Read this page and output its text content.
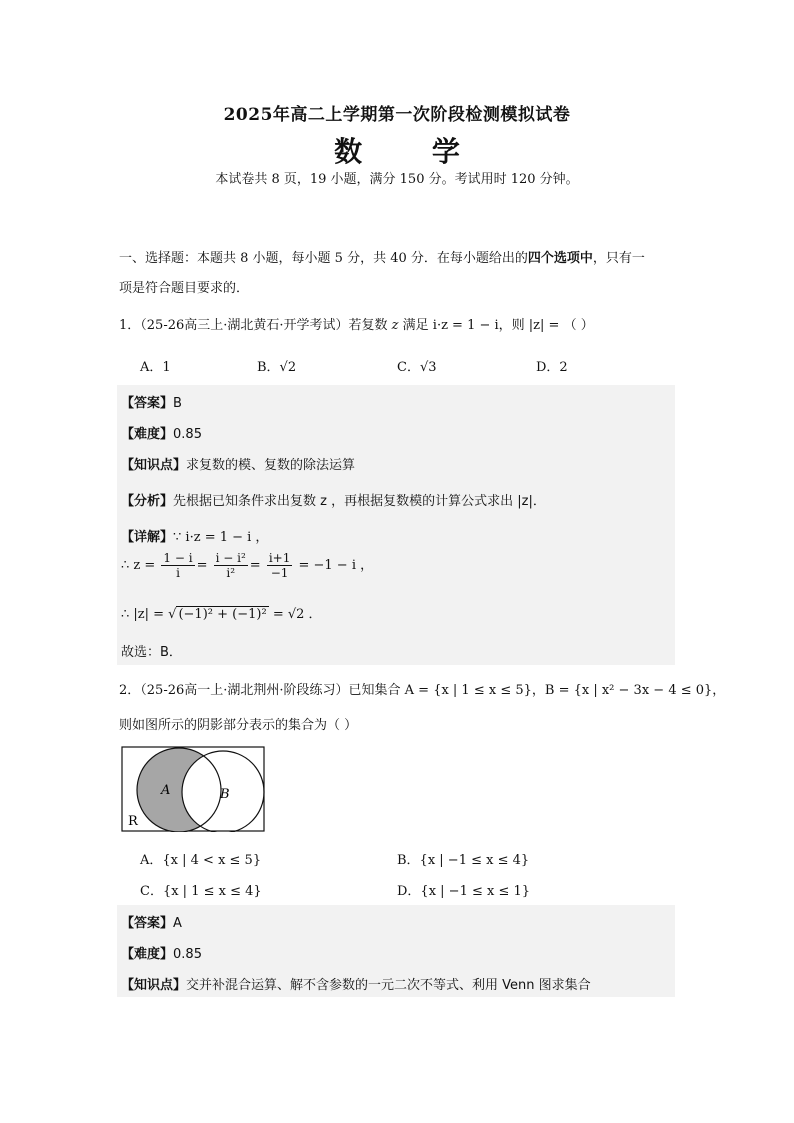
2025年高二上学期第一次阶段检测模拟试卷
数 学
本试卷共 8 页，19 小题，满分 150 分。考试用时 120 分钟。
一、选择题：本题共 8 小题，每小题 5 分，共 40 分．在每小题给出的四个选项中，只有一
项是符合题目要求的．
1．（25-26高三上·湖北黄石·开学考试）若复数 z 满足 i·z = 1 − i，则 |z| = （ ）
A．1	B．√2	C．√3	D．2
【答案】B
【难度】0.85
【知识点】求复数的模、复数的除法运算
【分析】先根据已知条件求出复数 z ，再根据复数模的计算公式求出 |z|．
【详解】∵ i·z = 1 − i ，
∴ $z = \frac{1 - i}{i} = \frac{\text{i − i²}}{\text{i²}} = \frac{i+1}{-1} = -1 - i$ ，
∴ |z| = √ (−1)² + (−1)² = √2 ．
故选：B．
2．（25-26高一上·湖北荆州·阶段练习）已知集合 A = {x | 1 ≤ x ≤ 5}，B = {x | x² − 3x − 4 ≤ 0}，
则如图所示的阴影部分表示的集合为（ ）
A	B
R
A．{x | 4 < x ≤ 5}	B．{x | −1 ≤ x ≤ 4}
C．{x | 1 ≤ x ≤ 4}	D．{x | −1 ≤ x ≤ 1}
【答案】A
【难度】0.85
【知识点】交并补混合运算、解不含参数的一元二次不等式、利用 Venn 图求集合
